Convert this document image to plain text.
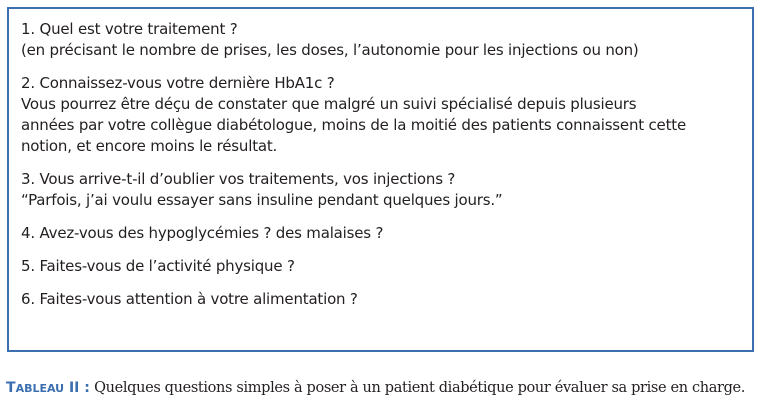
1. Quel est votre traitement ?
(en précisant le nombre de prises, les doses, l’autonomie pour les injections ou non)
2. Connaissez-vous votre dernière HbA1c ?
Vous pourrez être déçu de constater que malgré un suivi spécialisé depuis plusieurs
années par votre collègue diabétologue, moins de la moitié des patients connaissent cette
notion, et encore moins le résultat.
3. Vous arrive-t-il d’oublier vos traitements, vos injections ?
“Parfois, j’ai voulu essayer sans insuline pendant quelques jours.”
4. Avez-vous des hypoglycémies ? des malaises ?
5. Faites-vous de l’activité physique ?
6. Faites-vous attention à votre alimentation ?
TABLEAU II : Quelques questions simples à poser à un patient diabétique pour évaluer sa prise en charge.
